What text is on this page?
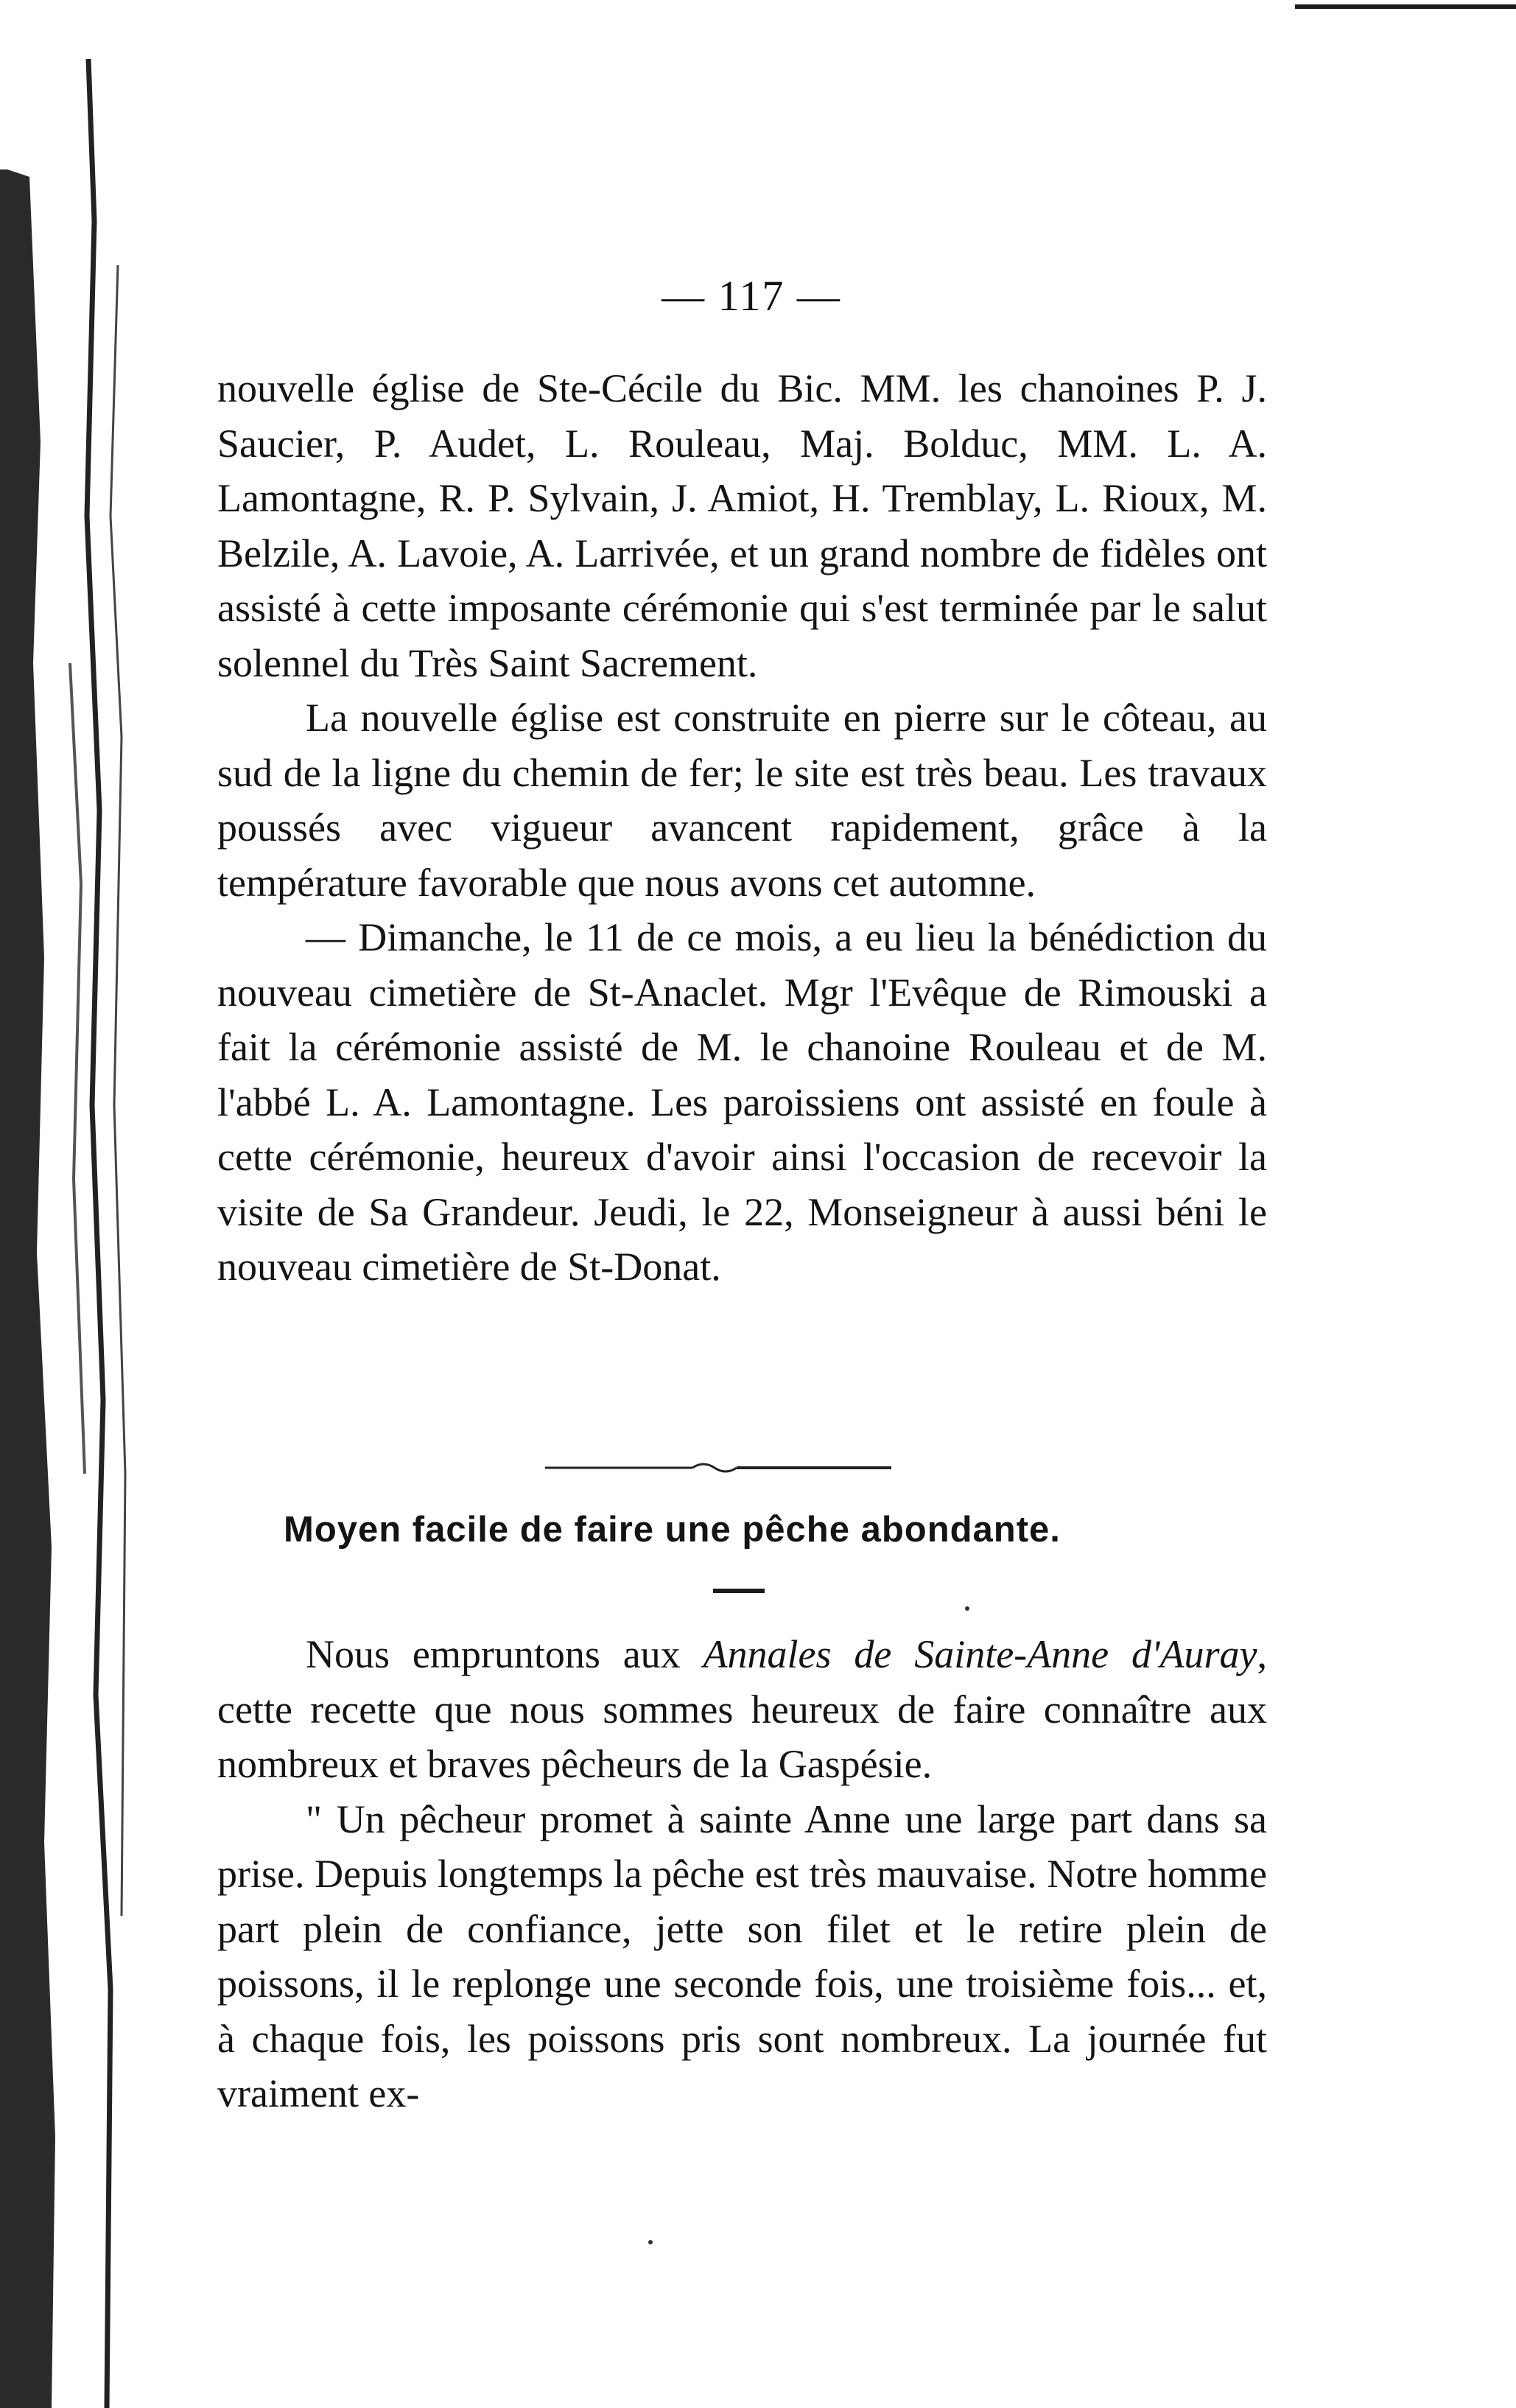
— 117 —

nouvelle église de Ste-Cécile du Bic. MM. les chanoines P. J. Saucier, P. Audet, L. Rouleau, Maj. Bolduc, MM. L. A. Lamontagne, R. P. Sylvain, J. Amiot, H. Tremblay, L. Rioux, M. Belzile, A. Lavoie, A. Larrivée, et un grand nombre de fidèles ont assisté à cette imposante cérémonie qui s'est terminée par le salut solennel du Très Saint Sacrement.

La nouvelle église est construite en pierre sur le côteau, au sud de la ligne du chemin de fer; le site est très beau. Les travaux poussés avec vigueur avancent rapidement, grâce à la température favorable que nous avons cet automne.

— Dimanche, le 11 de ce mois, a eu lieu la bénédiction du nouveau cimetière de St-Anaclet. Mgr l'Evêque de Rimouski a fait la cérémonie assisté de M. le chanoine Rouleau et de M. l'abbé L. A. Lamontagne. Les paroissiens ont assisté en foule à cette cérémonie, heureux d'avoir ainsi l'occasion de recevoir la visite de Sa Grandeur. Jeudi, le 22, Monseigneur à aussi béni le nouveau cimetière de St-Donat.

Moyen facile de faire une pêche abondante.

Nous empruntons aux Annales de Sainte-Anne d'Auray, cette recette que nous sommes heureux de faire connaître aux nombreux et braves pêcheurs de la Gaspésie.

" Un pêcheur promet à sainte Anne une large part dans sa prise. Depuis longtemps la pêche est très mauvaise. Notre homme part plein de confiance, jette son filet et le retire plein de poissons, il le replonge une seconde fois, une troisième fois... et, à chaque fois, les poissons pris sont nombreux. La journée fut vraiment ex-
